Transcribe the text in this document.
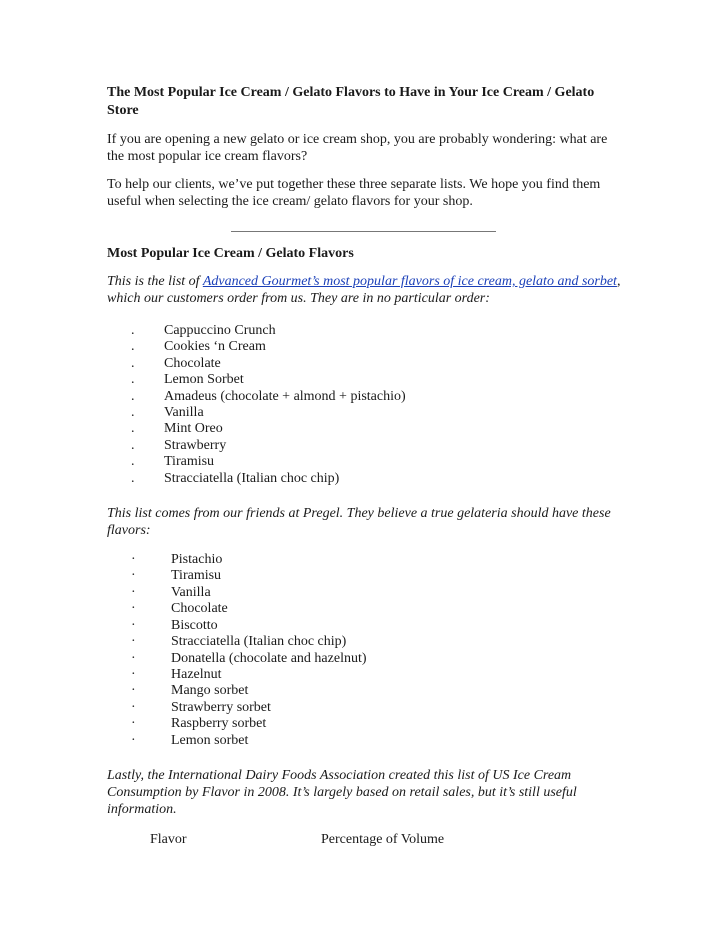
The Most Popular Ice Cream / Gelato Flavors to Have in Your Ice Cream / Gelato Store

If you are opening a new gelato or ice cream shop, you are probably wondering: what are the most popular ice cream flavors?

To help our clients, we’ve put together these three separate lists. We hope you find them useful when selecting the ice cream/ gelato flavors for your shop.

Most Popular Ice Cream / Gelato Flavors

This is the list of Advanced Gourmet’s most popular flavors of ice cream, gelato and sorbet, which our customers order from us. They are in no particular order:

. Cappuccino Crunch
. Cookies ‘n Cream
. Chocolate
. Lemon Sorbet
. Amadeus (chocolate + almond + pistachio)
. Vanilla
. Mint Oreo
. Strawberry
. Tiramisu
. Stracciatella (Italian choc chip)

This list comes from our friends at Pregel. They believe a true gelateria should have these flavors:

·	Pistachio
·	Tiramisu
·	Vanilla
·	Chocolate
·	Biscotto
·	Stracciatella (Italian choc chip)
·	Donatella (chocolate and hazelnut)
·	Hazelnut
·	Mango sorbet
·	Strawberry sorbet
·	Raspberry sorbet
·	Lemon sorbet

Lastly, the International Dairy Foods Association created this list of US Ice Cream Consumption by Flavor in 2008. It’s largely based on retail sales, but it’s still useful information.

Flavor	Percentage of Volume
